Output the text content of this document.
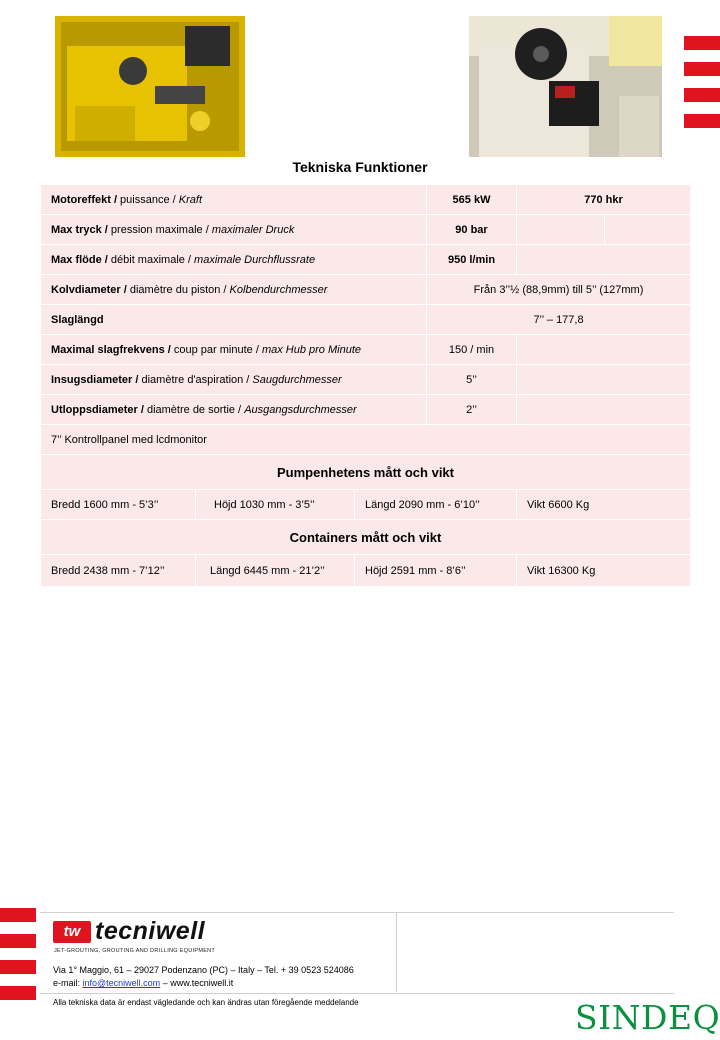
Tekniska Funktioner
Motoreffekt / puissance / Kraft			565 kW	770 hkr	
Max tryck / pression maximale / maximaler Druck			90 bar		
Max flöde / débit maximale / maximale Durchflussrate			950 l/min		
Kolvdiameter / diamètre du piston / Kolbendurchmesser			Från 3’’½ (88,9mm) till 5’’ (127mm)		
Slaglängd			7’’ – 177,8		
Maximal slagfrekvens / coup par minute / max Hub pro Minute			150 / min		
Insugsdiameter / diamètre d'aspiration / Saugdurchmesser			5’’		
Utloppsdiameter / diamètre de sortie / Ausgangsdurchmesser			2’’		
7’’ Kontrollpanel med lcdmonitor					
Pumpenhetens mått och vikt					
Bredd 1600 mm - 5’3’’	Höjd 1030 mm - 3’5’’	Längd 2090 mm - 6’10’’		Vikt 6600 Kg	
Containers mått och vikt					
Bredd 2438 mm - 7’12’’	Längd 6445 mm - 21’2’’	Höjd 2591 mm - 8’6’’		Vikt 16300 Kg	
tw tecniwell
JET-GROUTING, GROUTING AND DRILLING EQUIPMENT
Via 1° Maggio, 61 – 29027 Podenzano (PC) – Italy – Tel. + 39 0523 524086
e-mail: info@tecniwell.com – www.tecniwell.it
Alla tekniska data är endast vägledande och kan ändras utan föregående meddelande	SINDEQ
